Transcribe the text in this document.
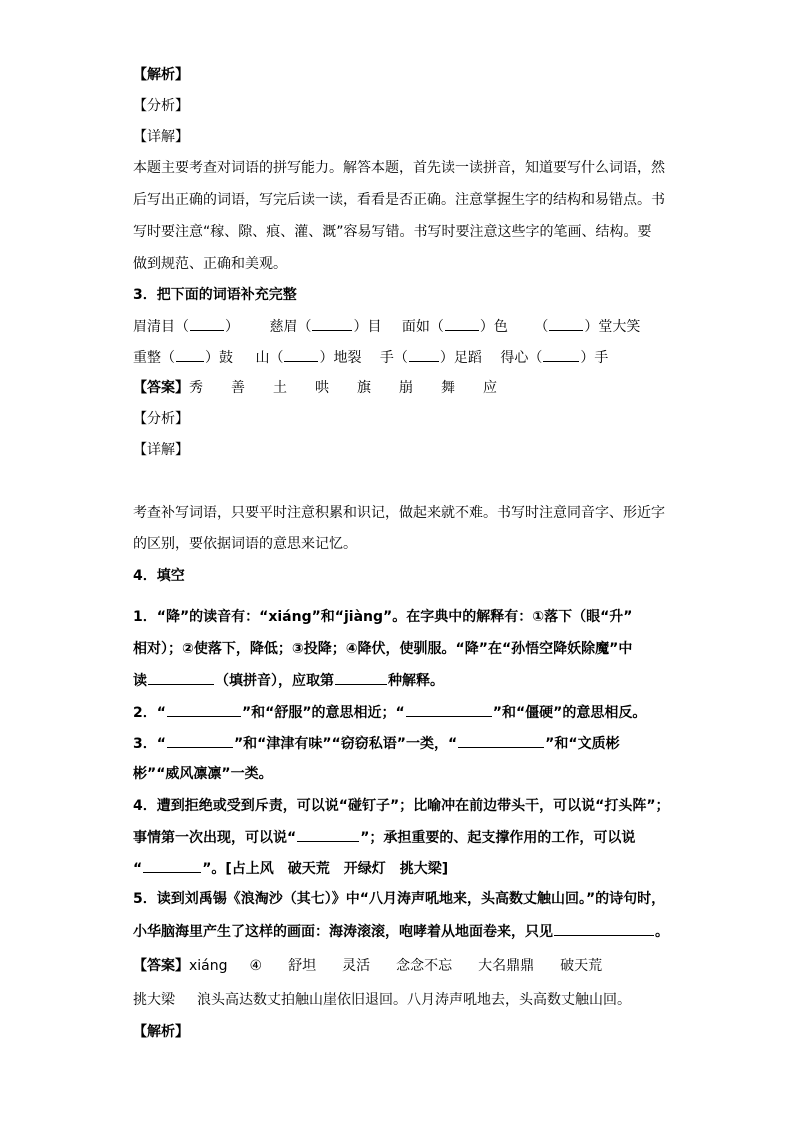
【解析】
【分析】
【详解】
本题主要考查对词语的拼写能力。解答本题，首先读一读拼音，知道要写什么词语，然
后写出正确的词语，写完后读一读，看看是否正确。注意掌握生字的结构和易错点。书
写时要注意“稼、隙、痕、灌、溉”容易写错。书写时要注意这些字的笔画、结构。要
做到规范、正确和美观。
3．把下面的词语补充完整
眉清目（	） 慈眉（	）目 面如（	）色 （	）堂大笑
重整（ ）鼓 山（	）地裂 手（ ）足蹈 得心（	）手
【答案】秀 善 土 哄 旗 崩 舞 应
【分析】
【详解】
考查补写词语，只要平时注意积累和识记，做起来就不难。书写时注意同音字、形近字
的区别，要依据词语的意思来记忆。
4．填空
1．“降”的读音有：“xiáng”和“jiàng”。在字典中的解释有：①落下（眼“升”
相对）；②使落下，降低；③投降；④降伏，使驯服。“降”在“孙悟空降妖除魔”中
读	（填拼音），应取第	种解释。
2．“	”和“舒服”的意思相近；“	”和“僵硬”的意思相反。
3．“	”和“津津有味”“窃窃私语”一类，“	”和“文质彬
彬”“威风凛凛”一类。
4．遭到拒绝或受到斥责，可以说“碰钉子”；比喻冲在前边带头干，可以说“打头阵”；
事情第一次出现，可以说“	”；承担重要的、起支撑作用的工作，可以说
“	”。[占上风　破天荒　开绿灯　挑大梁]
5．读到刘禹锡《浪淘沙（其七）》中“八月涛声吼地来，头高数丈触山回。”的诗句时，
小华脑海里产生了这样的画面：海涛滚滚，咆哮着从地面卷来，只见	。
【答案】xiáng ④ 舒坦 灵活 念念不忘 大名鼎鼎 破天荒
挑大梁 浪头高达数丈拍触山崖依旧退回。八月涛声吼地去，头高数丈触山回。
【解析】
